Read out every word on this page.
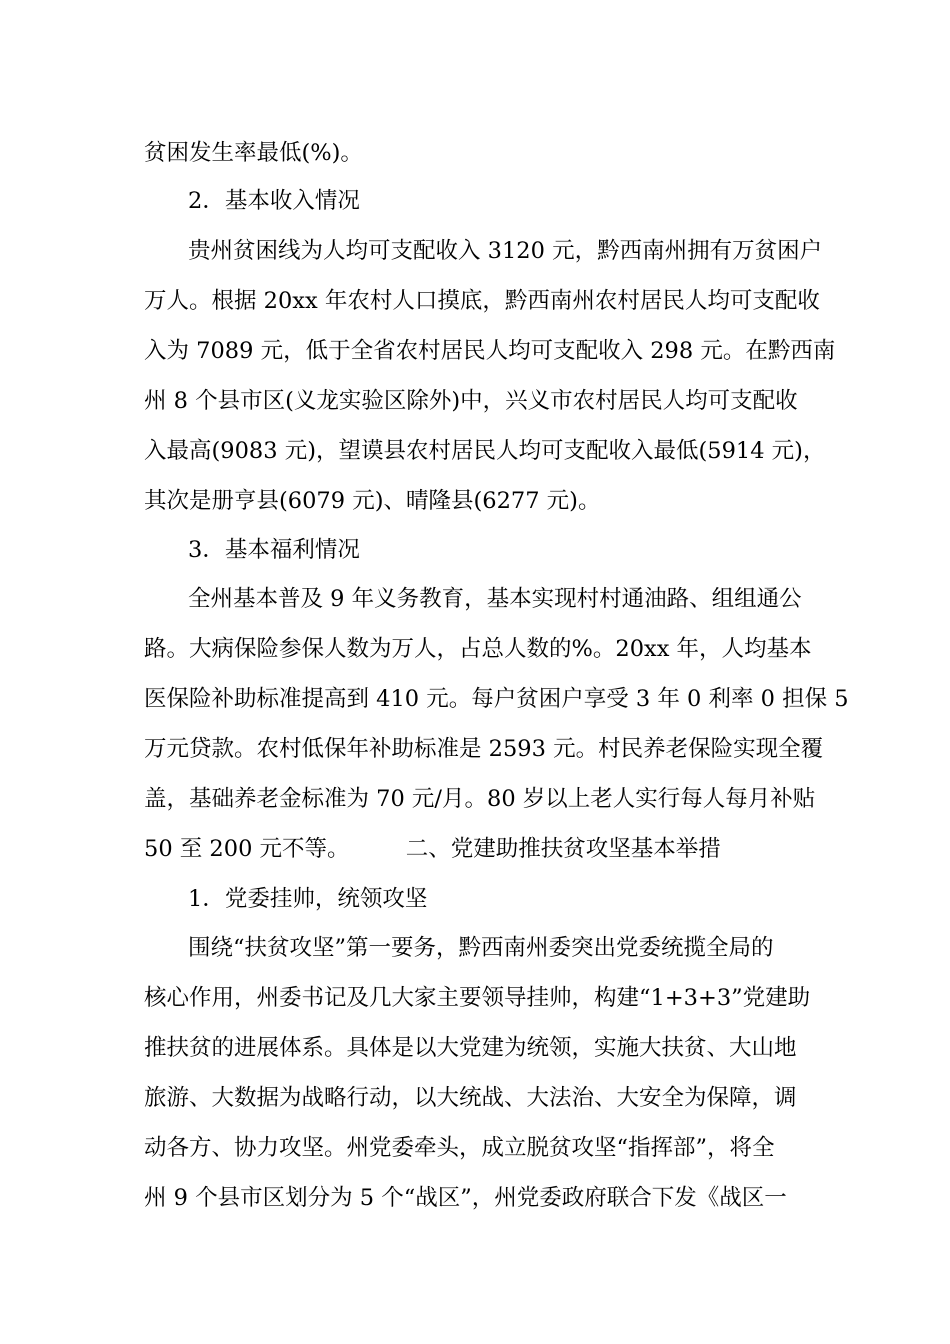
贫困发生率最低(%)。

2．基本收入情况

贵州贫困线为人均可支配收入 3120 元，黔西南州拥有万贫困户

万人。根据 20xx 年农村人口摸底，黔西南州农村居民人均可支配收

入为 7089 元，低于全省农村居民人均可支配收入 298 元。在黔西南

州 8 个县市区(义龙实验区除外)中，兴义市农村居民人均可支配收

入最高(9083 元)，望谟县农村居民人均可支配收入最低(5914 元)，

其次是册亨县(6079 元)、晴隆县(6277 元)。

3．基本福利情况

全州基本普及 9 年义务教育，基本实现村村通油路、组组通公

路。大病保险参保人数为万人，占总人数的%。20xx 年，人均基本

医保险补助标准提高到 410 元。每户贫困户享受 3 年 0 利率 0 担保 5

万元贷款。农村低保年补助标准是 2593 元。村民养老保险实现全覆

盖，基础养老金标准为 70 元/月。80 岁以上老人实行每人每月补贴

50 至 200 元不等。　　　二、党建助推扶贫攻坚基本举措

1．党委挂帅，统领攻坚

围绕“扶贫攻坚”第一要务，黔西南州委突出党委统揽全局的

核心作用，州委书记及几大家主要领导挂帅，构建“1+3+3”党建助

推扶贫的进展体系。具体是以大党建为统领，实施大扶贫、大山地

旅游、大数据为战略行动，以大统战、大法治、大安全为保障，调

动各方、协力攻坚。州党委牵头，成立脱贫攻坚“指挥部”，将全

州 9 个县市区划分为 5 个“战区”，州党委政府联合下发《战区一
